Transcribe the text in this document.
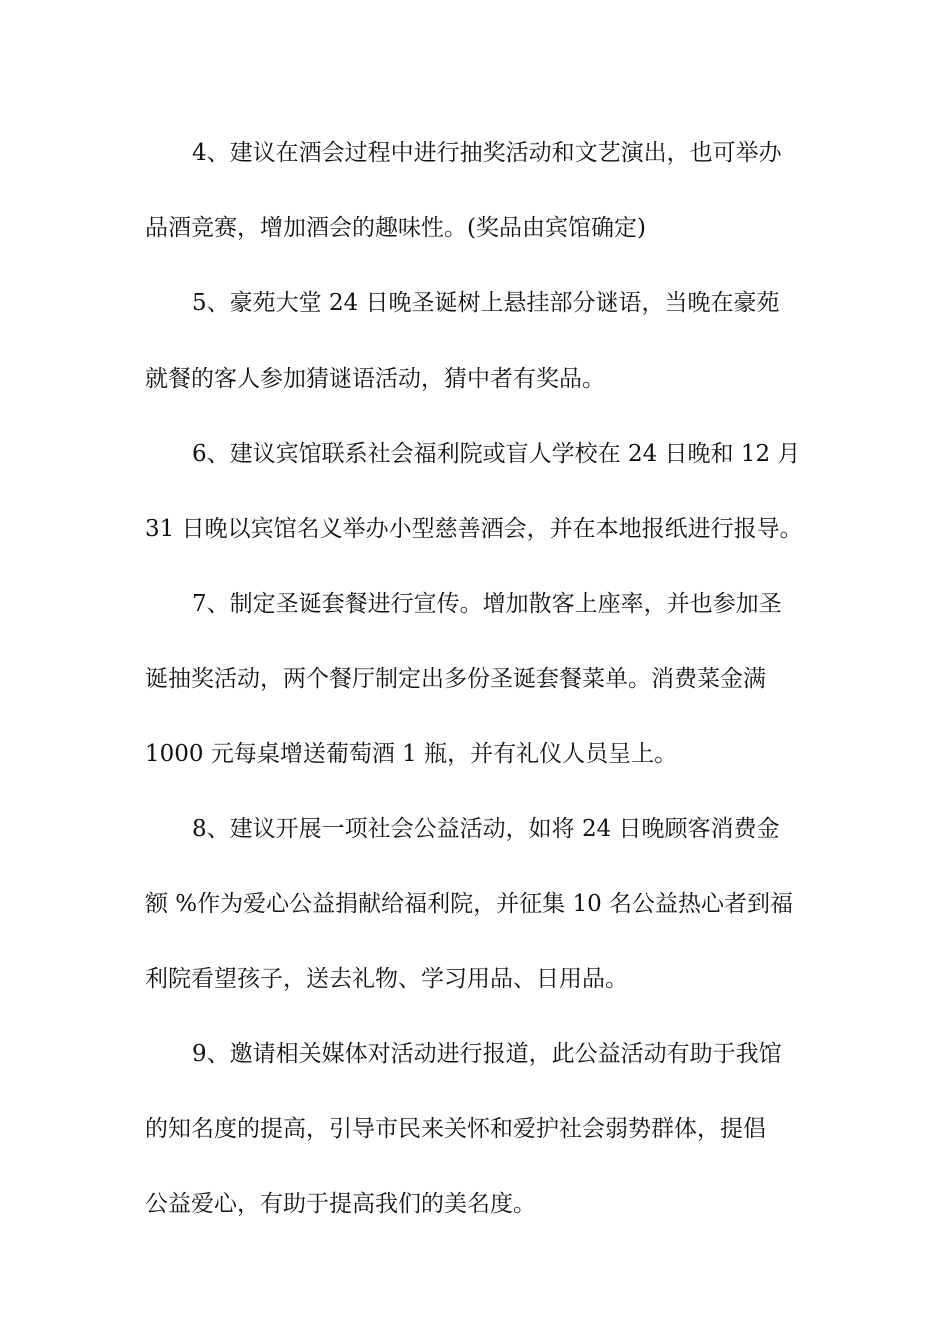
4、建议在酒会过程中进行抽奖活动和文艺演出，也可举办
品酒竞赛，增加酒会的趣味性。(奖品由宾馆确定)
5、豪苑大堂 24 日晚圣诞树上悬挂部分谜语，当晚在豪苑
就餐的客人参加猜谜语活动，猜中者有奖品。
6、建议宾馆联系社会福利院或盲人学校在 24 日晚和 12 月
31 日晚以宾馆名义举办小型慈善酒会，并在本地报纸进行报导。
7、制定圣诞套餐进行宣传。增加散客上座率，并也参加圣
诞抽奖活动，两个餐厅制定出多份圣诞套餐菜单。消费菜金满
1000 元每桌增送葡萄酒 1 瓶，并有礼仪人员呈上。
8、建议开展一项社会公益活动，如将 24 日晚顾客消费金
额 %作为爱心公益捐献给福利院，并征集 10 名公益热心者到福
利院看望孩子，送去礼物、学习用品、日用品。
9、邀请相关媒体对活动进行报道，此公益活动有助于我馆
的知名度的提高，引导市民来关怀和爱护社会弱势群体，提倡
公益爱心，有助于提高我们的美名度。
